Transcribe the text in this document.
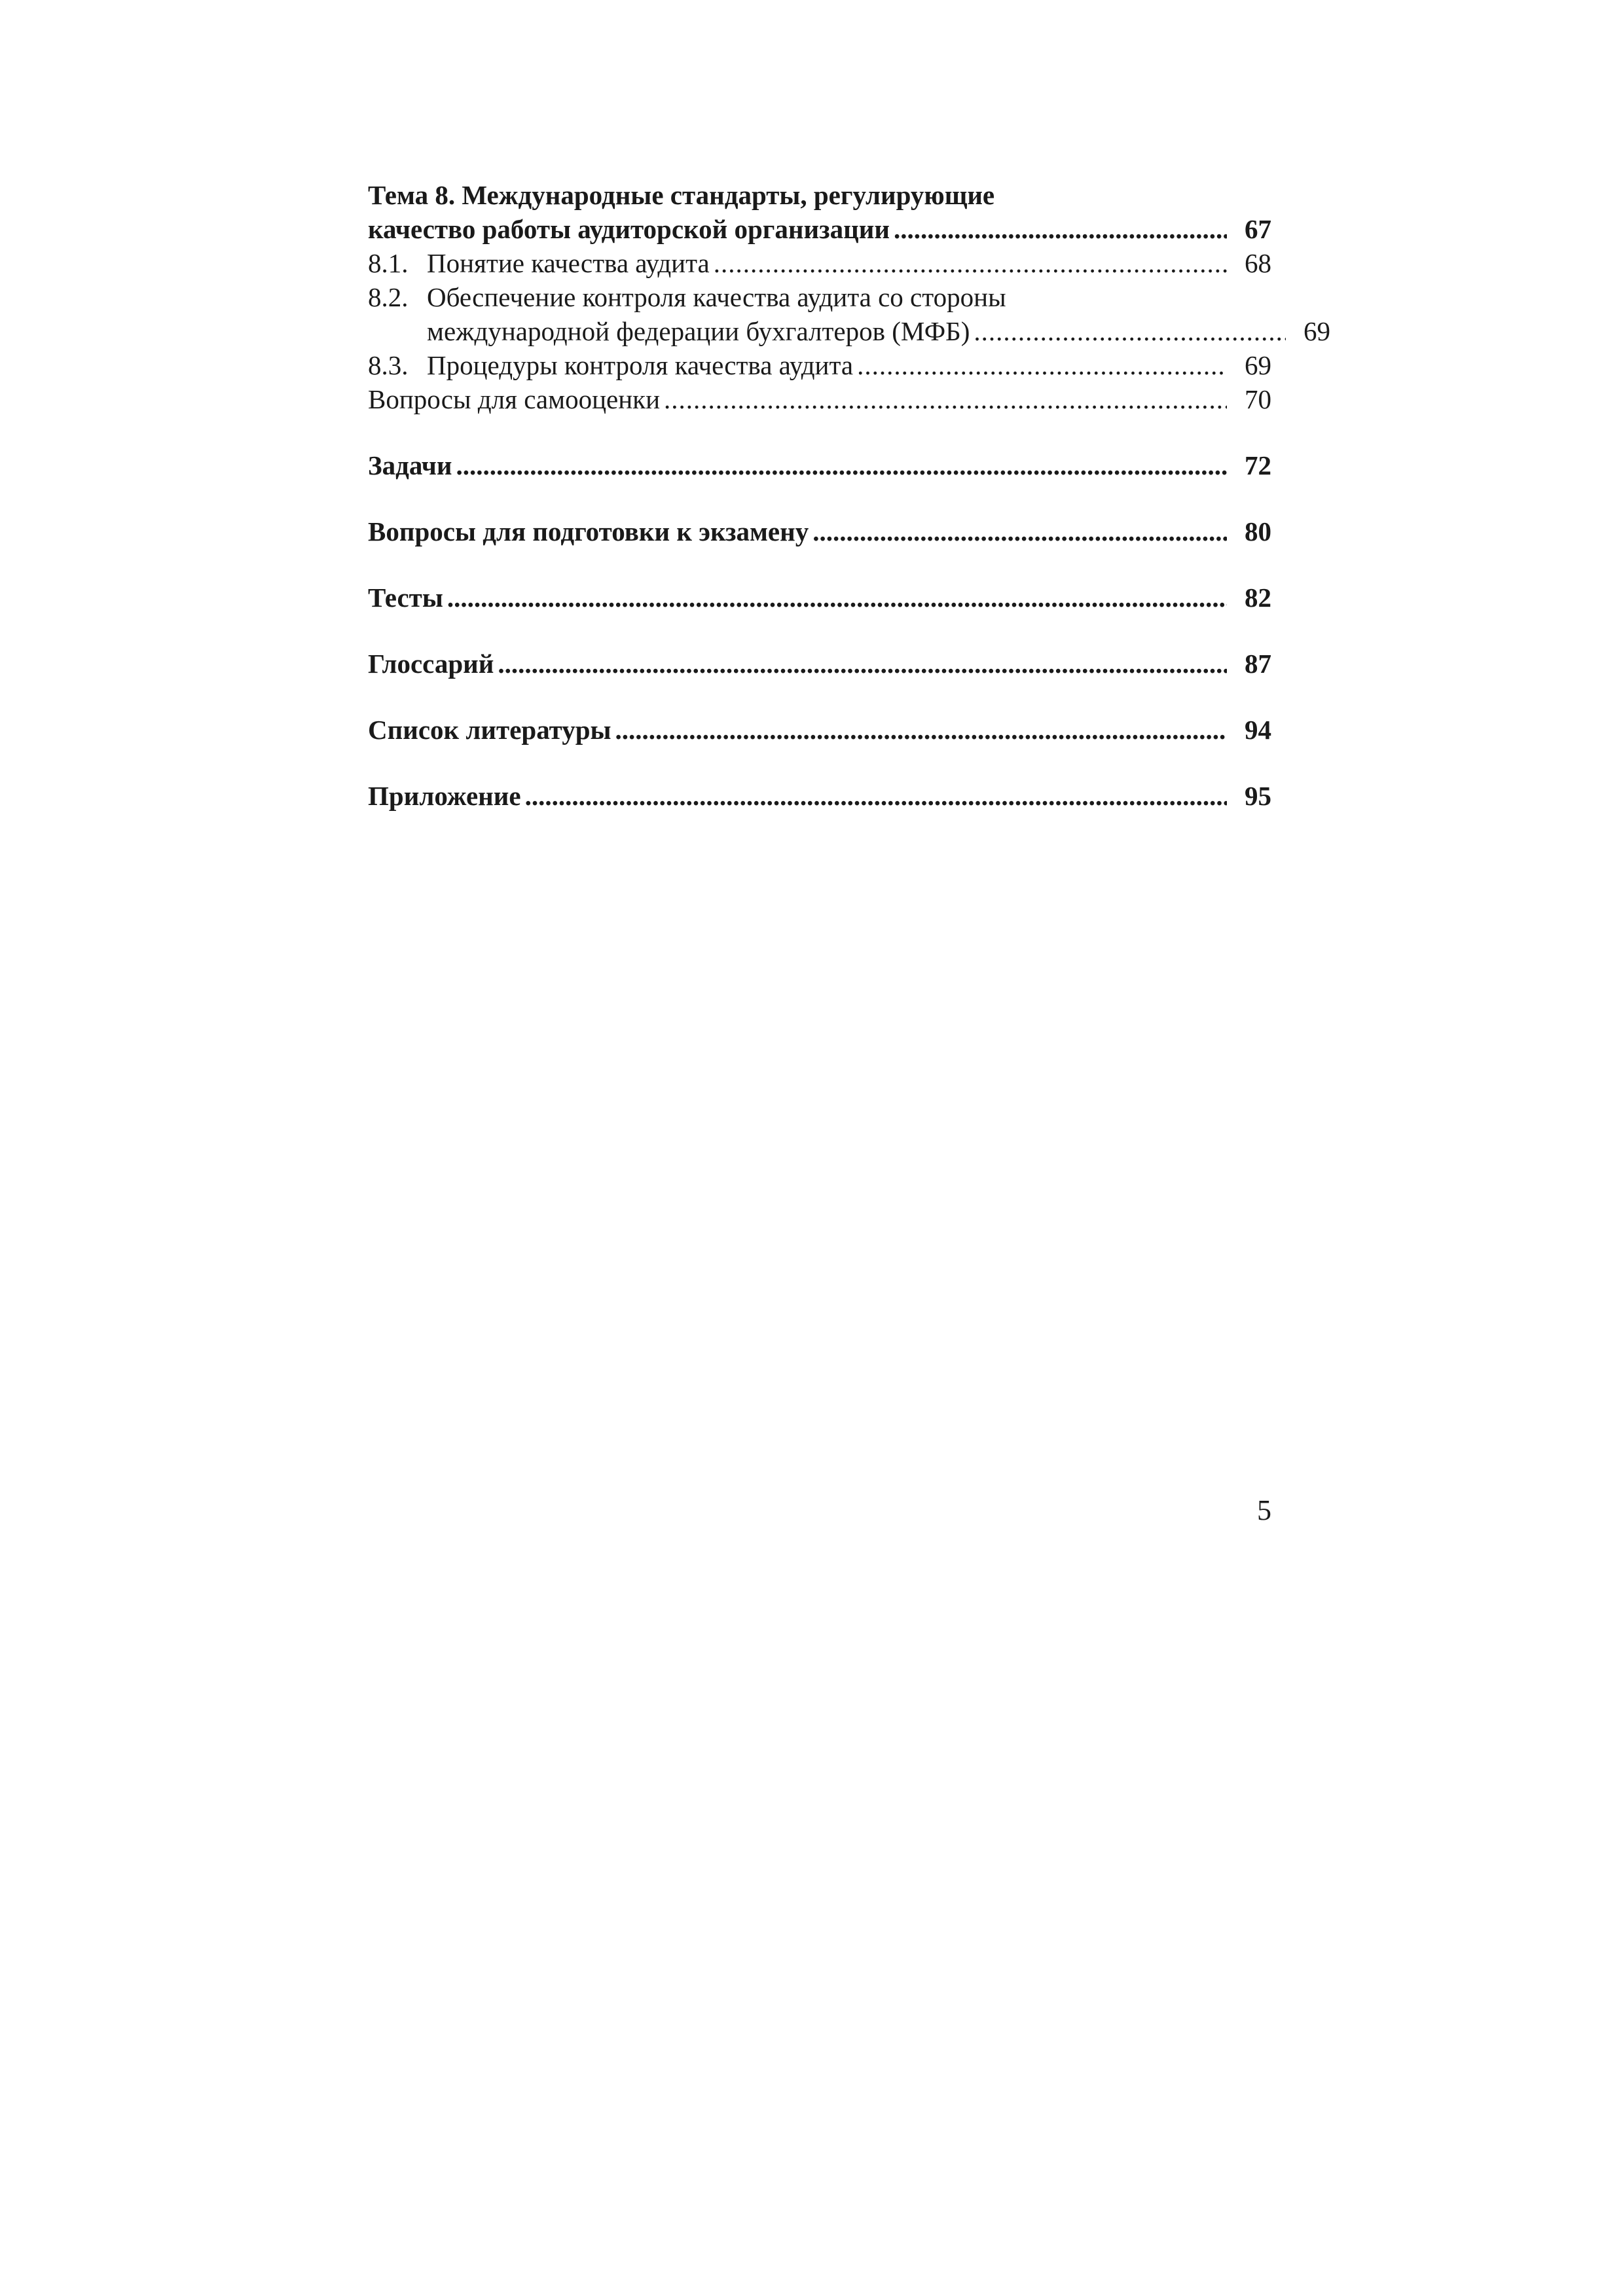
Тема 8. Международные стандарты, регулирующие
качество работы аудиторской организации .....	67
8.1. Понятие качества аудита .....	68
8.2. Обеспечение контроля качества аудита со стороны
международной федерации бухгалтеров (МФБ) .....	69
8.3. Процедуры контроля качества аудита .....	69
Вопросы для самооценки .....	70
Задачи .....	72
Вопросы для подготовки к экзамену .....	80
Тесты .....	82
Глоссарий .....	87
Список литературы .....	94
Приложение .....	95
5
